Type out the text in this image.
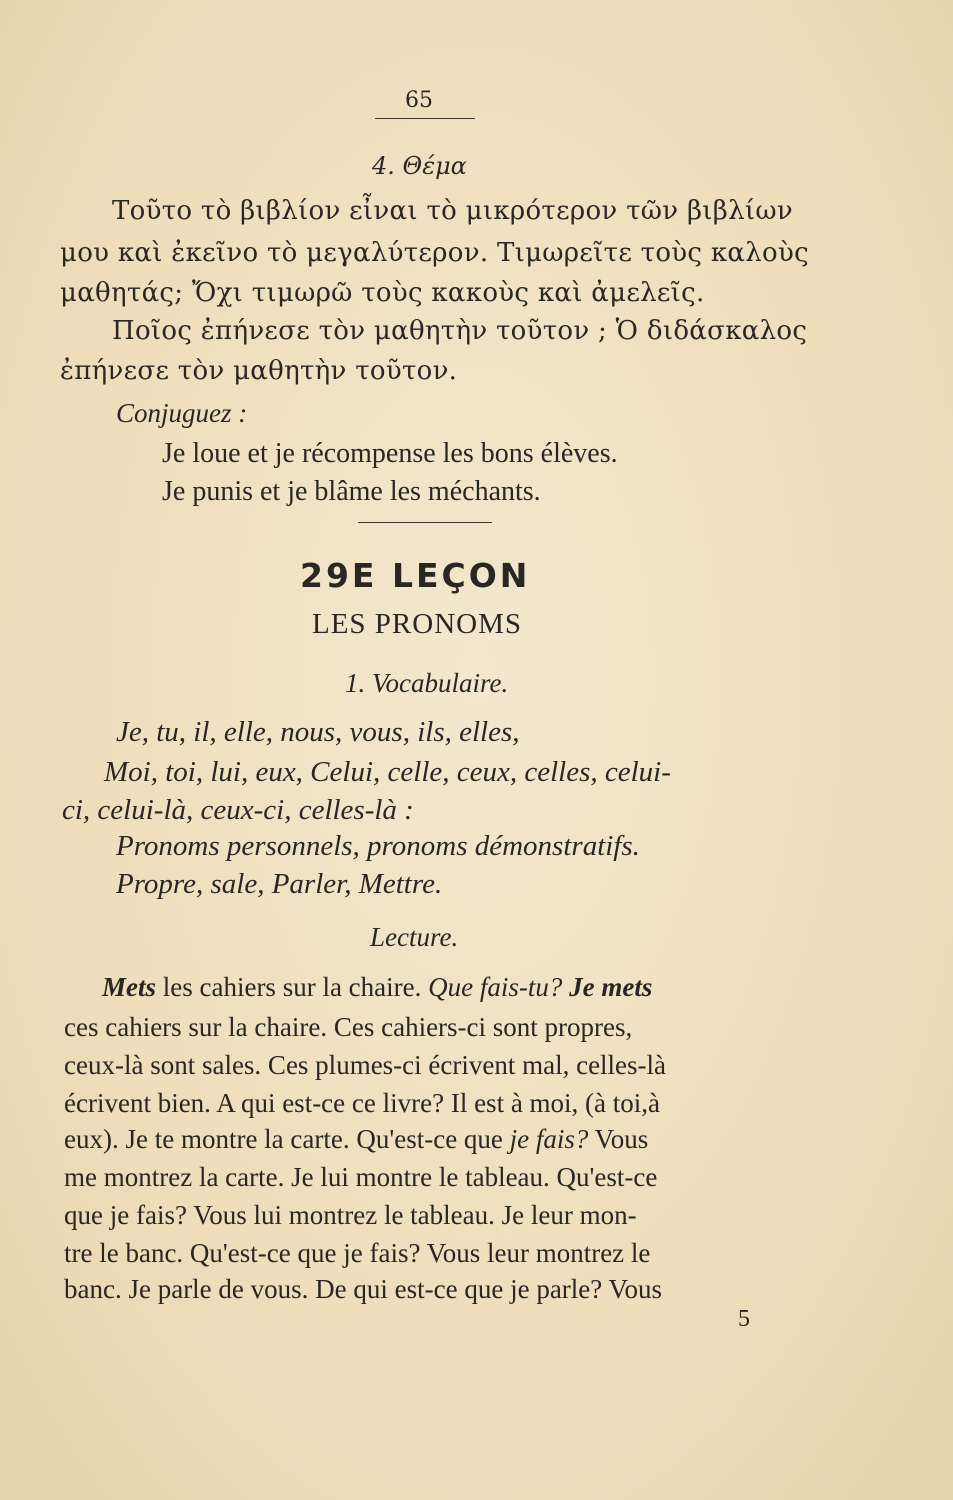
65
4. Θέμα
Τοῦτο τὸ βιβλίον εἶναι τὸ μικρότερον τῶν βιβλίων
μου καὶ ἐκεῖνο τὸ μεγαλύτερον. Τιμωρεῖτε τοὺς καλοὺς
μαθητάς; Ὄχι τιμωρῶ τοὺς κακοὺς καὶ ἀμελεῖς.
Ποῖος ἐπήνεσε τὸν μαθητὴν τοῦτον ; Ὁ διδάσκαλος
ἐπήνεσε τὸν μαθητὴν τοῦτον.
Conjuguez :
Je loue et je récompense les bons élèves.
Je punis et je blâme les méchants.
29E LEÇON
LES PRONOMS
1. Vocabulaire.
Je, tu, il, elle, nous, vous, ils, elles,
Moi, toi, lui, eux, Celui, celle, ceux, celles, celui-
ci, celui-là, ceux-ci, celles-là :
Pronoms personnels, pronoms démonstratifs.
Propre, sale, Parler, Mettre.
Lecture.
Mets les cahiers sur la chaire. Que fais-tu? Je mets
ces cahiers sur la chaire. Ces cahiers-ci sont propres,
ceux-là sont sales. Ces plumes-ci écrivent mal, celles-là
écrivent bien. A qui est-ce ce livre? Il est à moi, (à toi,à
eux). Je te montre la carte. Qu'est-ce que je fais? Vous
me montrez la carte. Je lui montre le tableau. Qu'est-ce
que je fais? Vous lui montrez le tableau. Je leur mon-
tre le banc. Qu'est-ce que je fais? Vous leur montrez le
banc. Je parle de vous. De qui est-ce que je parle? Vous
5
